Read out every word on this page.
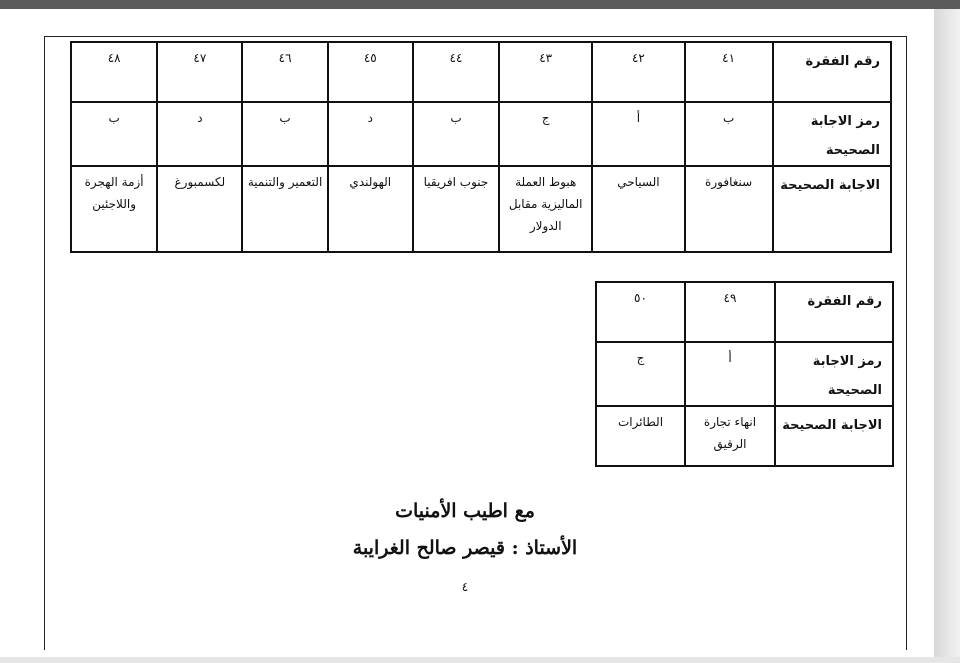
رقم الفقرة	٤١	٤٢	٤٣	٤٤	٤٥	٤٦	٤٧	٤٨
رمز الاجابة الصحيحة	ب	أ	ج	ب	د	ب	د	ب
الاجابة الصحيحة	سنغافورة	السياحي	هبوط العملة الماليزية مقابل الدولار	جنوب افريقيا	الهولندي	التعمير والتنمية	لكسمبورغ	أزمة الهجرة واللاجئين
رقم الفقرة	٤٩	٥٠
رمز الاجابة الصحيحة	أ	ج
الاجابة الصحيحة	انهاء تجارة الرقيق	الطائرات
مع اطيب الأمنيات
الأستاذ : قيصر صالح الغرايبة
٤
